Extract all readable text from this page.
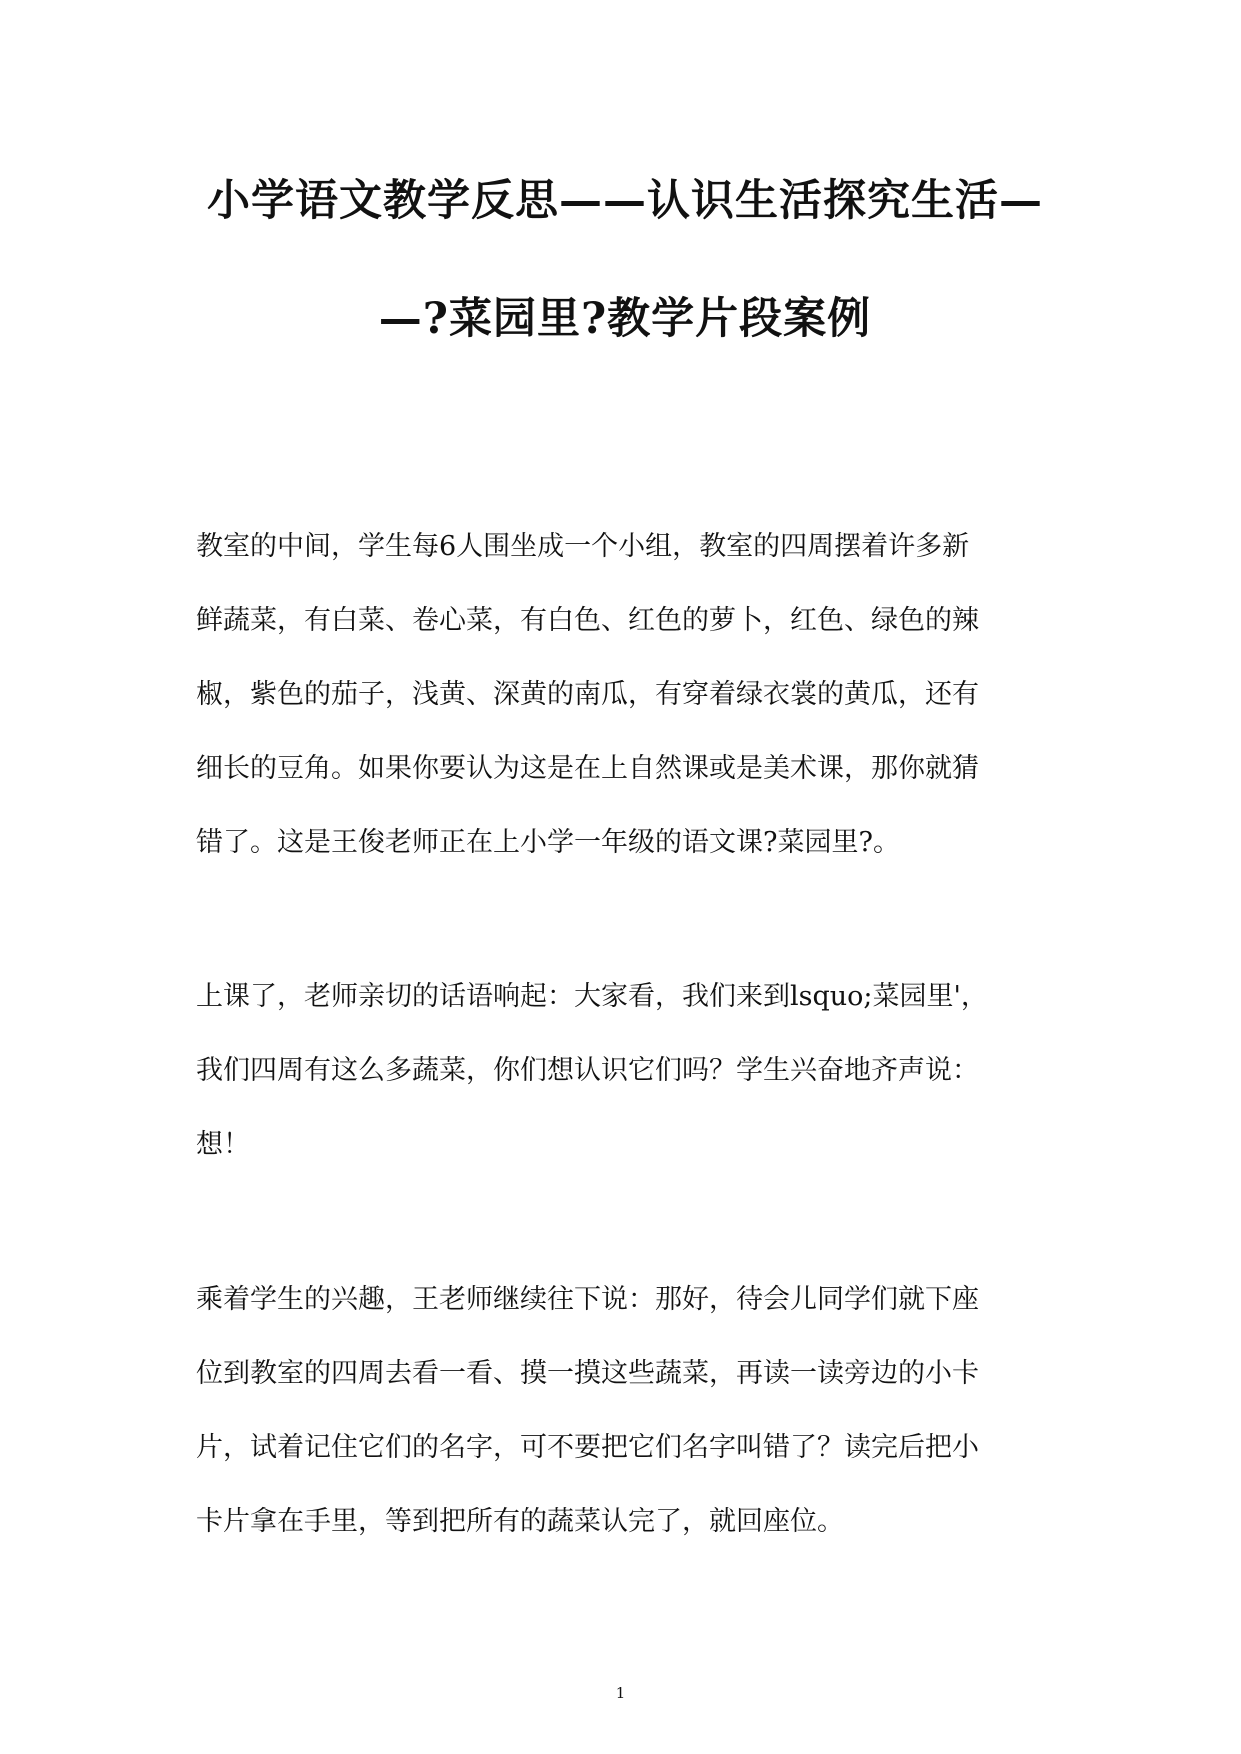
小学语文教学反思——认识生活探究生活—
—?菜园里?教学片段案例

教室的中间，学生每6人围坐成一个小组，教室的四周摆着许多新
鲜蔬菜，有白菜、卷心菜，有白色、红色的萝卜，红色、绿色的辣
椒，紫色的茄子，浅黄、深黄的南瓜，有穿着绿衣裳的黄瓜，还有
细长的豆角。如果你要认为这是在上自然课或是美术课，那你就猜
错了。这是王俊老师正在上小学一年级的语文课?菜园里?。

上课了，老师亲切的话语响起：大家看，我们来到lsquo;菜园里'，
我们四周有这么多蔬菜，你们想认识它们吗？学生兴奋地齐声说：
想！

乘着学生的兴趣，王老师继续往下说：那好，待会儿同学们就下座
位到教室的四周去看一看、摸一摸这些蔬菜，再读一读旁边的小卡
片，试着记住它们的名字，可不要把它们名字叫错了？读完后把小
卡片拿在手里，等到把所有的蔬菜认完了，就回座位。

1
